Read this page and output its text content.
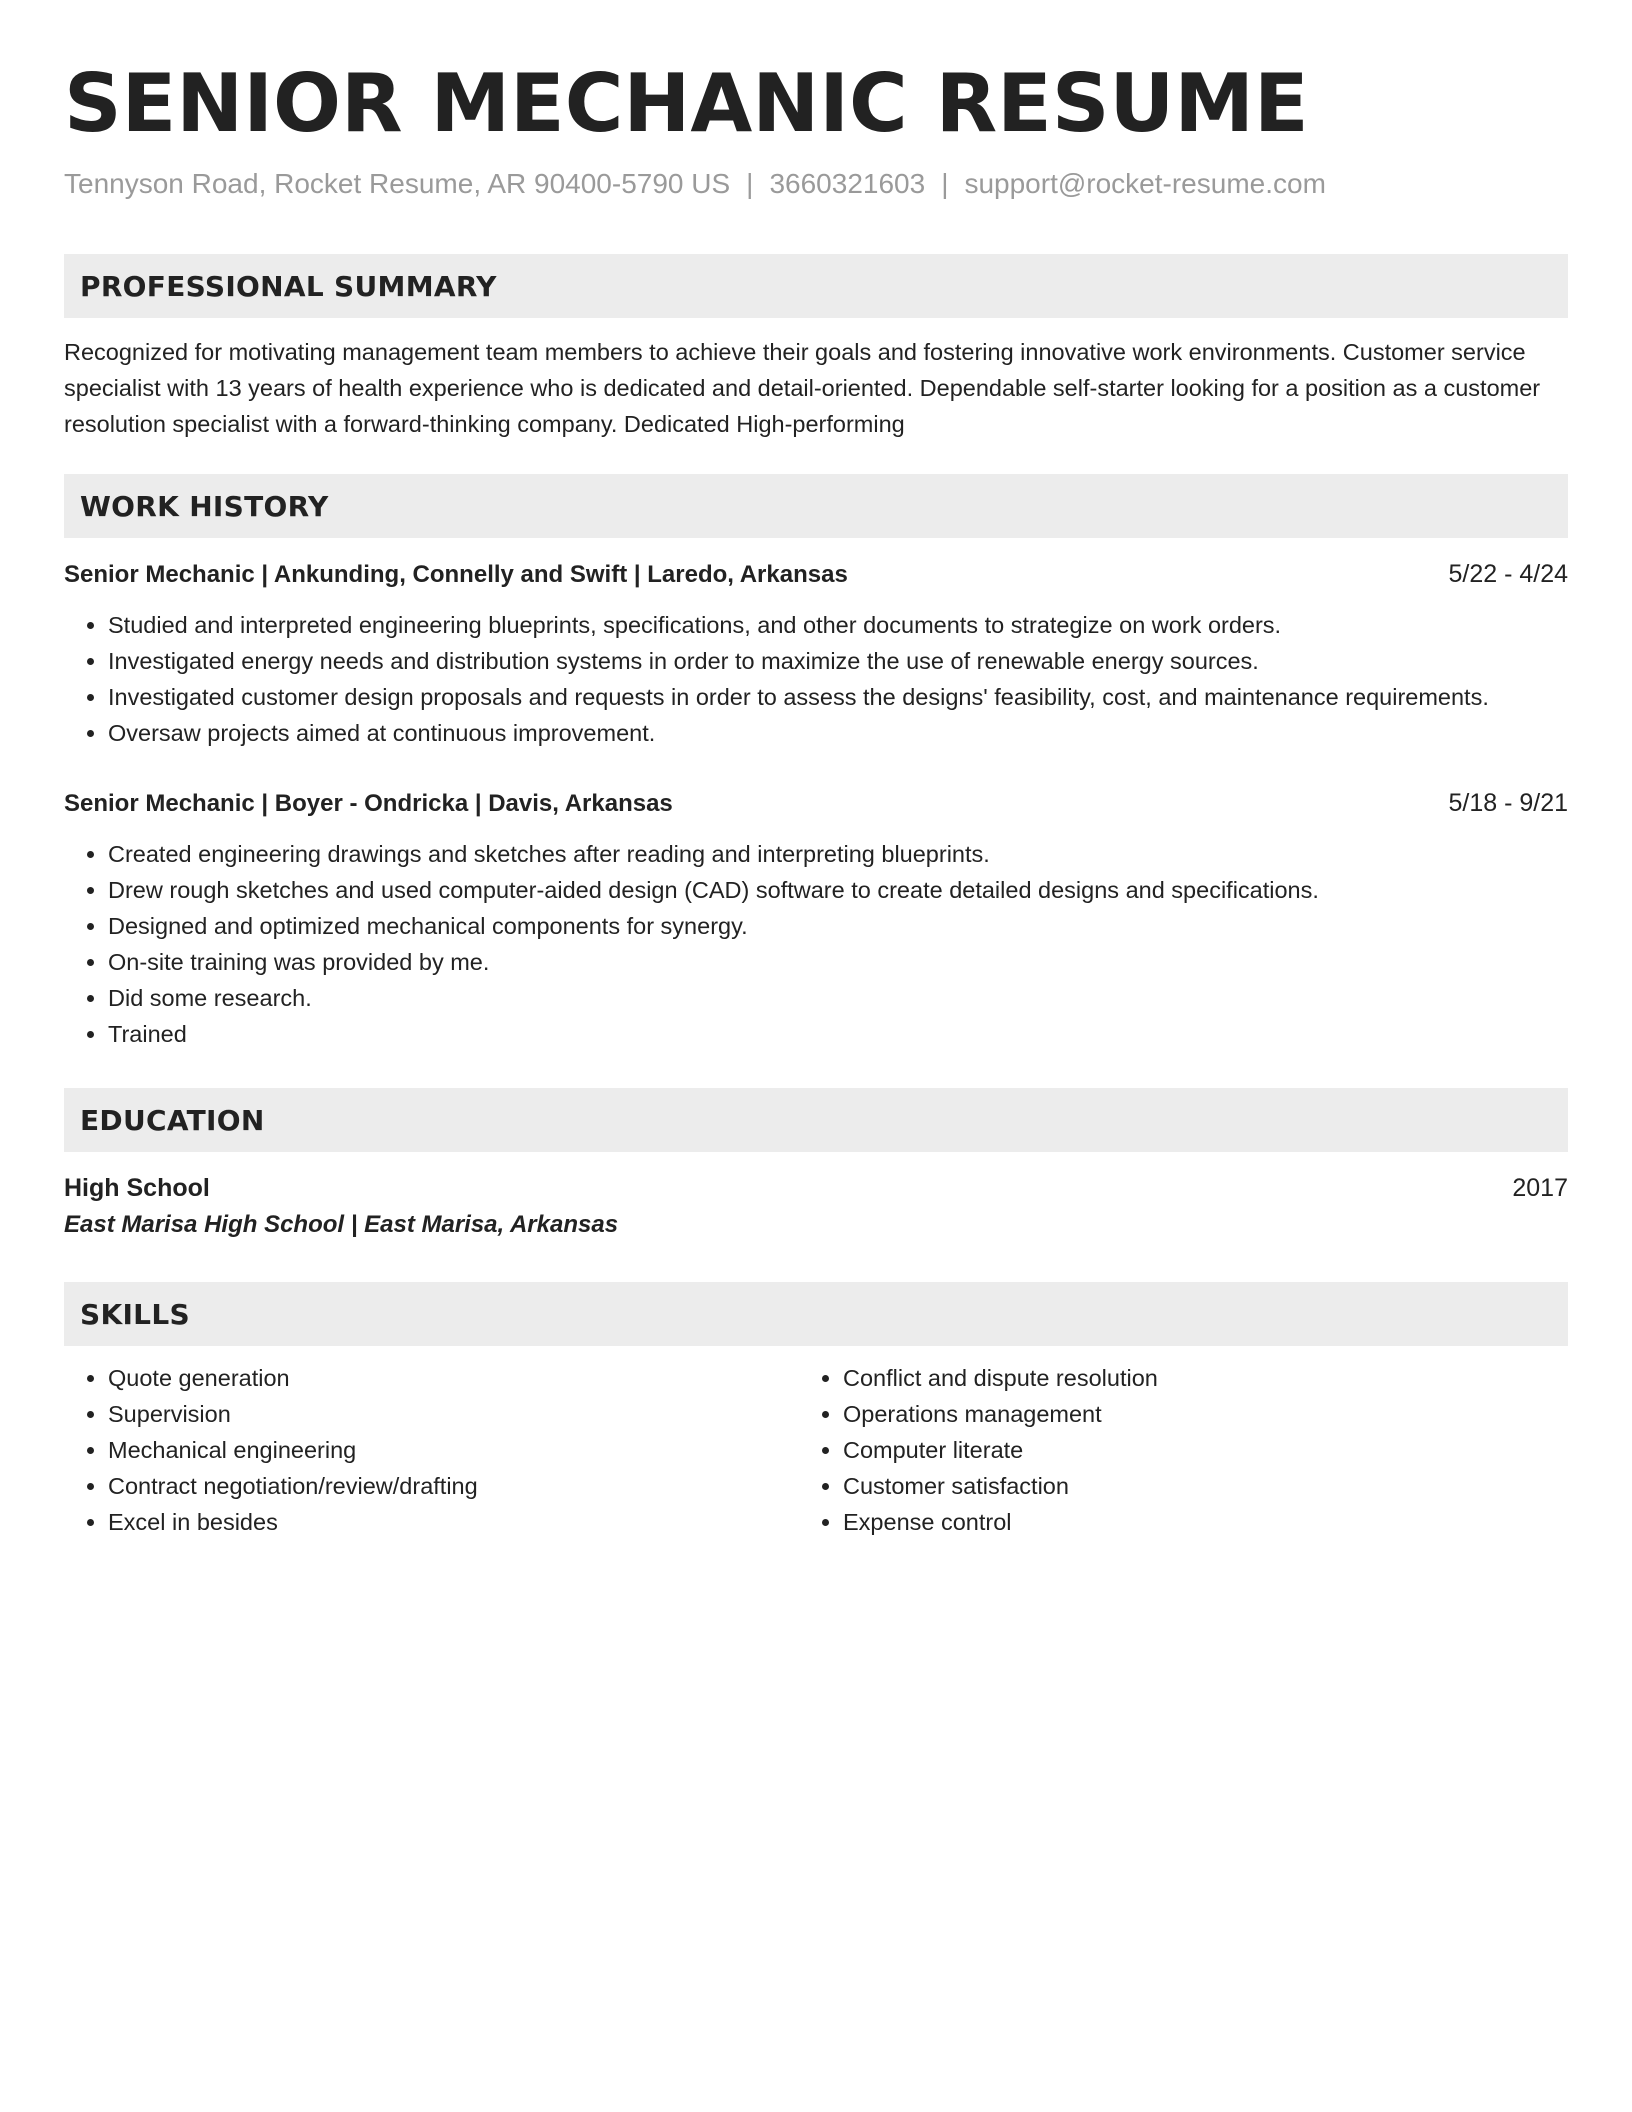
SENIOR MECHANIC RESUME
Tennyson Road, Rocket Resume, AR 90400-5790 US | 3660321603 | support@rocket-resume.com
PROFESSIONAL SUMMARY
Recognized for motivating management team members to achieve their goals and fostering innovative work environments. Customer service specialist with 13 years of health experience who is dedicated and detail-oriented. Dependable self-starter looking for a position as a customer resolution specialist with a forward-thinking company. Dedicated High-performing
WORK HISTORY
Senior Mechanic | Ankunding, Connelly and Swift | Laredo, Arkansas	5/22 - 4/24
• Studied and interpreted engineering blueprints, specifications, and other documents to strategize on work orders.
• Investigated energy needs and distribution systems in order to maximize the use of renewable energy sources.
• Investigated customer design proposals and requests in order to assess the designs' feasibility, cost, and maintenance requirements.
• Oversaw projects aimed at continuous improvement.
Senior Mechanic | Boyer - Ondricka | Davis, Arkansas	5/18 - 9/21
• Created engineering drawings and sketches after reading and interpreting blueprints.
• Drew rough sketches and used computer-aided design (CAD) software to create detailed designs and specifications.
• Designed and optimized mechanical components for synergy.
• On-site training was provided by me.
• Did some research.
• Trained
EDUCATION
High School	2017
East Marisa High School | East Marisa, Arkansas
SKILLS
• Quote generation
• Supervision
• Mechanical engineering
• Contract negotiation/review/drafting
• Excel in besides
• Conflict and dispute resolution
• Operations management
• Computer literate
• Customer satisfaction
• Expense control
